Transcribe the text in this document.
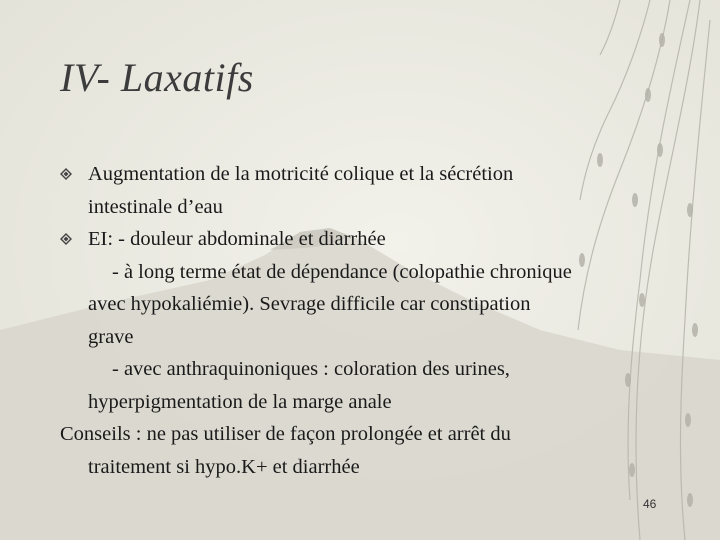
IV- Laxatifs
Augmentation de la motricité colique et la sécrétion
intestinale d’eau
EI: - douleur abdominale et diarrhée
- à long terme état de dépendance (colopathie chronique
avec hypokaliémie). Sevrage difficile car constipation
grave
- avec anthraquinoniques : coloration des urines,
hyperpigmentation de la marge anale
Conseils : ne pas utiliser de façon prolongée et arrêt du
traitement si hypo.K+ et diarrhée
46
